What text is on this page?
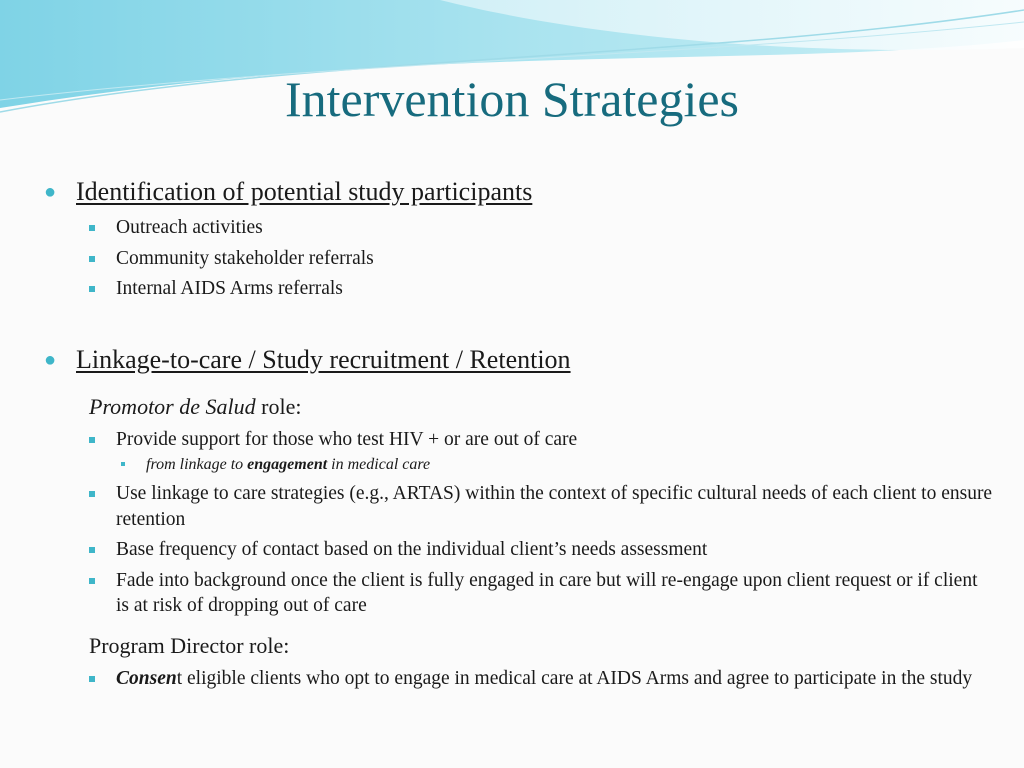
Intervention Strategies
● Identification of potential study participants
Outreach activities
Community stakeholder referrals
Internal AIDS Arms referrals
● Linkage-to-care / Study recruitment / Retention
Promotor de Salud role:
Provide support for those who test HIV + or are out of care
from linkage to engagement in medical care
Use linkage to care strategies (e.g., ARTAS) within the context of specific cultural needs of each client to ensure retention
Base frequency of contact based on the individual client’s needs assessment
Fade into background once the client is fully engaged in care but will re-engage upon client request or if client is at risk of dropping out of care
Program Director role:
Consent eligible clients who opt to engage in medical care at AIDS Arms and agree to participate in the study
